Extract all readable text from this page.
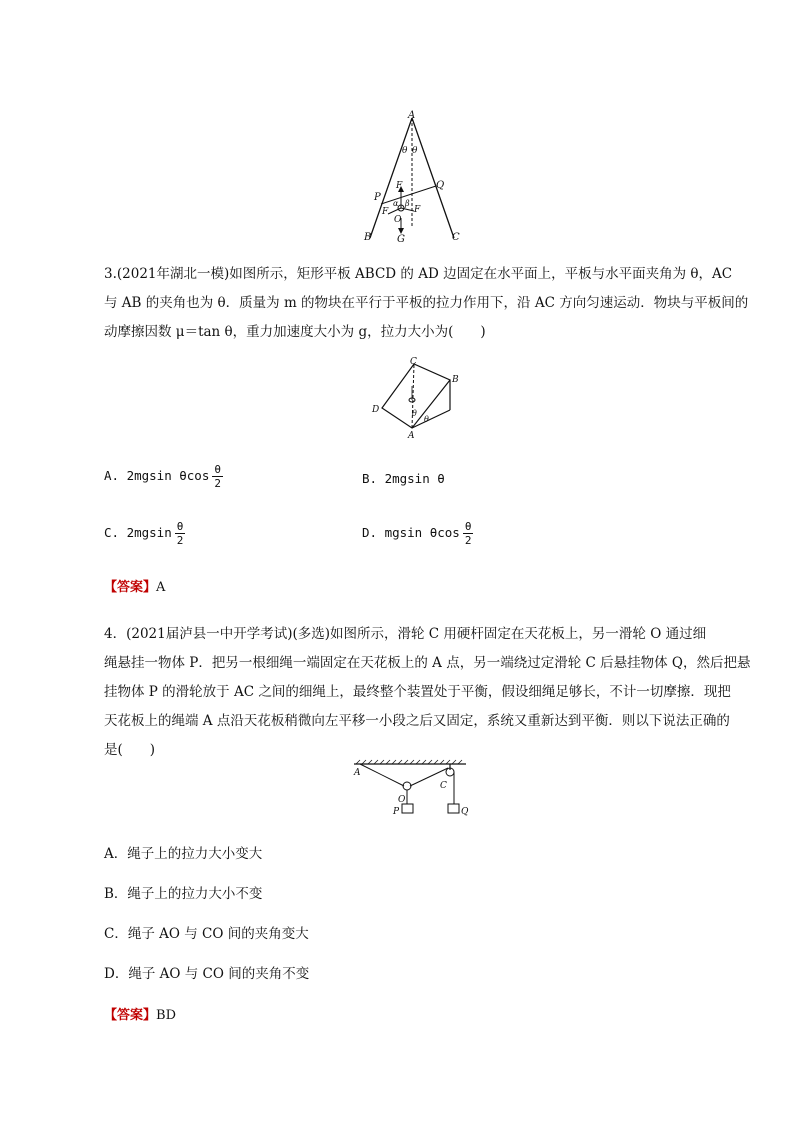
A
θ θ
F
P
Q
α β
F	F
O
B	G	C
3.(2021年湖北一模)如图所示，矩形平板 ABCD 的 AD 边固定在水平面上，平板与水平面夹角为 θ，AC
与 AB 的夹角也为 θ．质量为 m 的物块在平行于平板的拉力作用下，沿 AC 方向匀速运动．物块与平板间的
动摩擦因数 μ＝tan θ，重力加速度大小为 g，拉力大小为(　　)
C
B
D	θ
θ
A
A. 2mgsin θcos $\frac{\theta}{2}$	B. 2mgsin θ
C. $2mgsin \frac{\theta}{2}$	D. mgsin θcos $\frac{\theta}{2}$
【答案】A
4．(2021届泸县一中开学考试)(多选)如图所示，滑轮 C 用硬杆固定在天花板上，另一滑轮 O 通过细
绳悬挂一物体 P．把另一根细绳一端固定在天花板上的 A 点，另一端绕过定滑轮 C 后悬挂物体 Q，然后把悬
挂物体 P 的滑轮放于 AC 之间的细绳上，最终整个装置处于平衡，假设细绳足够长，不计一切摩擦．现把
天花板上的绳端 A 点沿天花板稍微向左平移一小段之后又固定，系统又重新达到平衡．则以下说法正确的
是(　　)
A
C
O
P	Q
A．绳子上的拉力大小变大
B．绳子上的拉力大小不变
C．绳子 AO 与 CO 间的夹角变大
D．绳子 AO 与 CO 间的夹角不变
【答案】BD
